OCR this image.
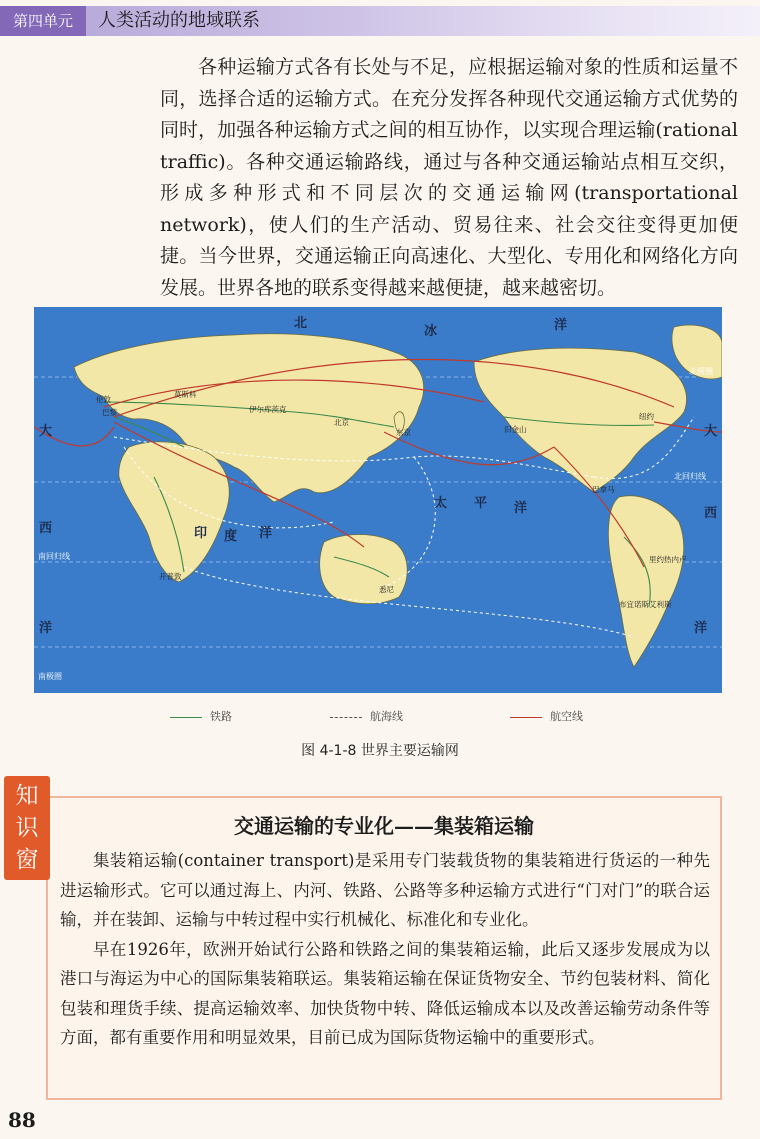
第四单元	人类活动的地域联系

各种运输方式各有长处与不足，应根据运输对象的性质和运量不同，选择合适的运输方式。在充分发挥各种现代交通运输方式优势的同时，加强各种运输方式之间的相互协作，以实现合理运输(rational traffic)。各种交通运输路线，通过与各种交通运输站点相互交织，形成多种形式和不同层次的交通运输网(transportational network)，使人们的生产活动、贸易往来、社会交往变得更加便捷。当今世界，交通运输正向高速化、大型化、专用化和网络化方向发展。世界各地的联系变得越来越便捷，越来越密切。

北
冰	洋
太 平 洋
印 度 洋
大
西
洋
大
西
洋
北极圈
北回归线
南回归线
南极圈
伦敦
巴黎
莫斯科
伊尔库茨克
北京
东京
纽约
旧金山
悉尼
开普敦
里约热内卢
布宜诺斯艾利斯
巴拿马
铁路	航海线	航空线
图 4-1-8 世界主要运输网
知
识
窗
交通运输的专业化——集装箱运输

集装箱运输(container transport)是采用专门装载货物的集装箱进行货运的一种先进运输形式。它可以通过海上、内河、铁路、公路等多种运输方式进行“门对门”的联合运输，并在装卸、运输与中转过程中实行机械化、标准化和专业化。

早在1926年，欧洲开始试行公路和铁路之间的集装箱运输，此后又逐步发展成为以港口与海运为中心的国际集装箱联运。集装箱运输在保证货物安全、节约包装材料、简化包装和理货手续、提高运输效率、加快货物中转、降低运输成本以及改善运输劳动条件等方面，都有重要作用和明显效果，目前已成为国际货物运输中的重要形式。

88
